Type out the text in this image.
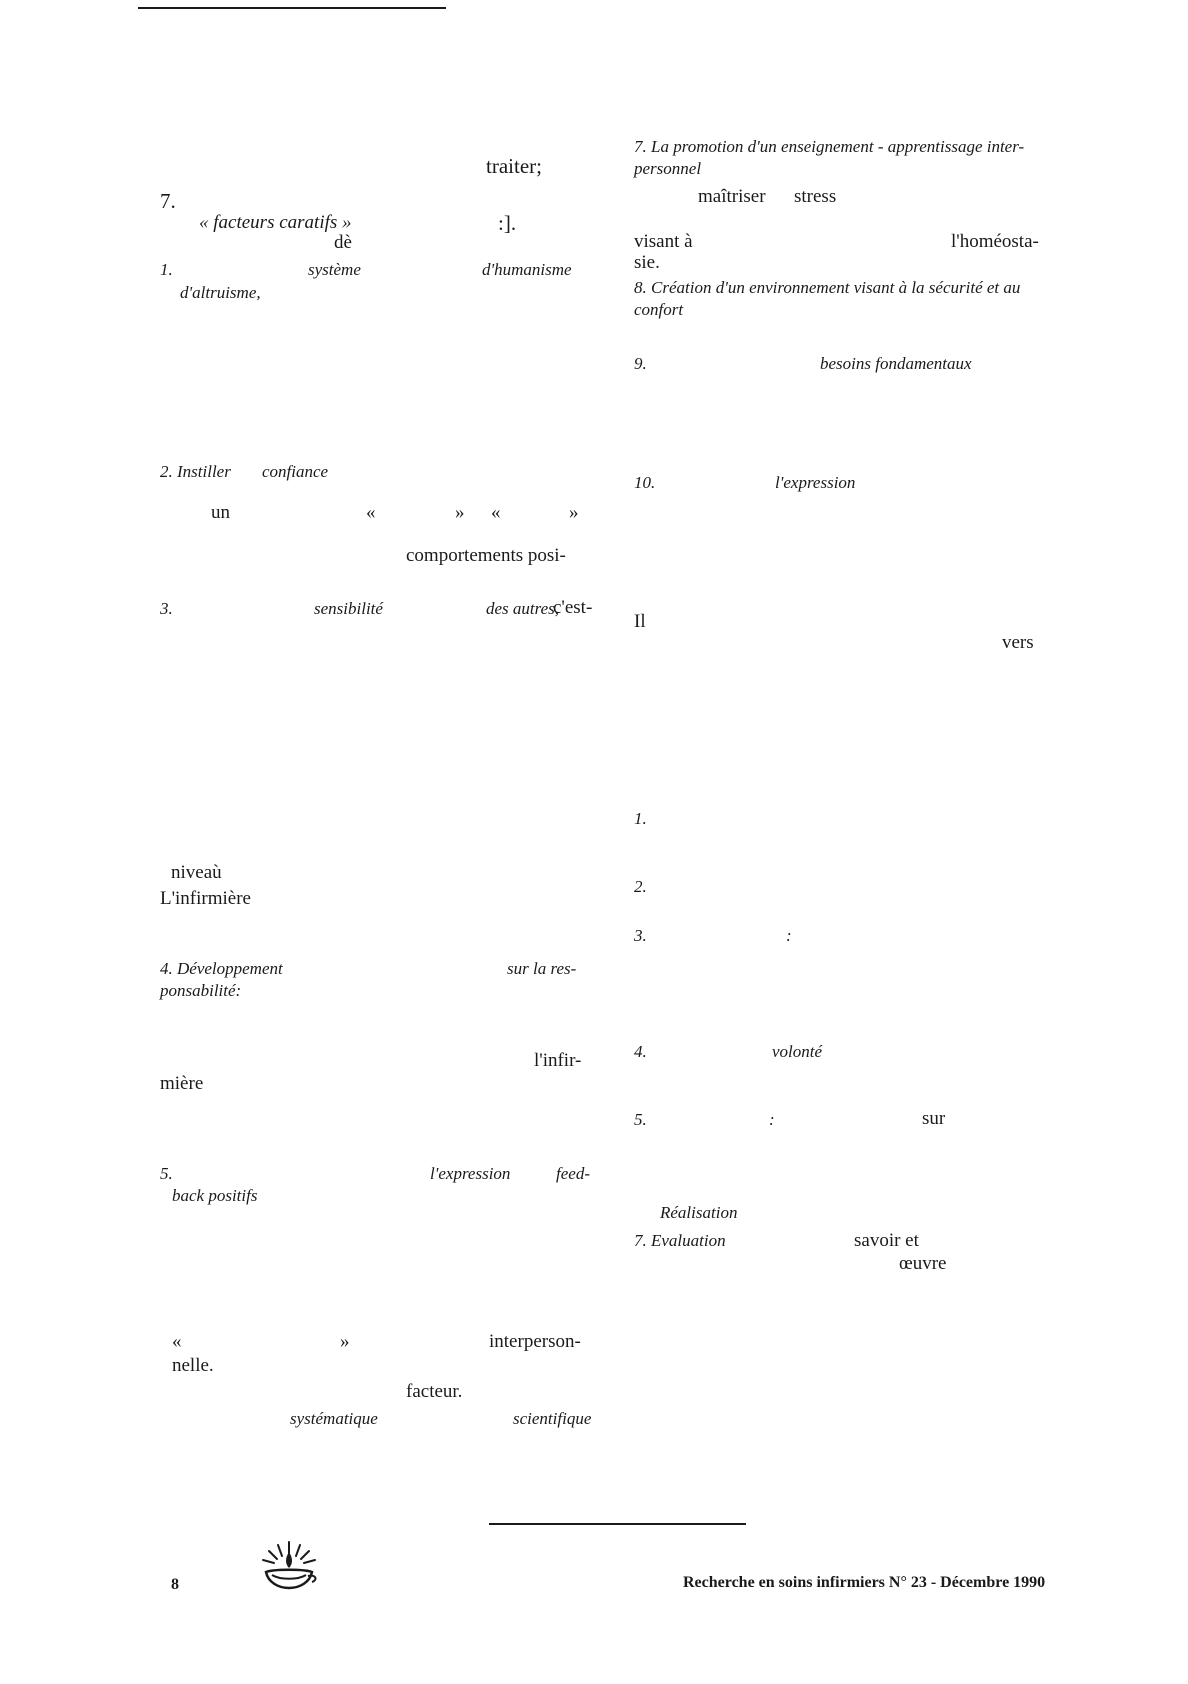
traiter;
7.
« facteurs caratifs »	:].
dè
1.	système	d'humanisme
d'altruisme,
2. Instiller confiance
un	«	» «	»
comportements posi-
3.	sensibilité	des autres,
c'est-
niveaù
L'infirmière
4. Développement	sur la res-
ponsabilité:
l'infir-
mière
5.	l'expression	feed-
back positifs
«	»	interperson-
nelle.
facteur.
systématique	scientifique
7. La promotion d'un enseignement - apprentissage inter-
personnel
maîtriser stress
visant à	l'homéosta-
sie.
8. Création d'un environnement visant à la sécurité et au
confort
9.	besoins fondamentaux
10.	l'expression
Il
vers
1.
2.
3.	:
4.	volonté
5.	:	sur
Réalisation
7. Evaluation	savoir et
œuvre
8	Recherche en soins infirmiers N° 23 - Décembre 1990
